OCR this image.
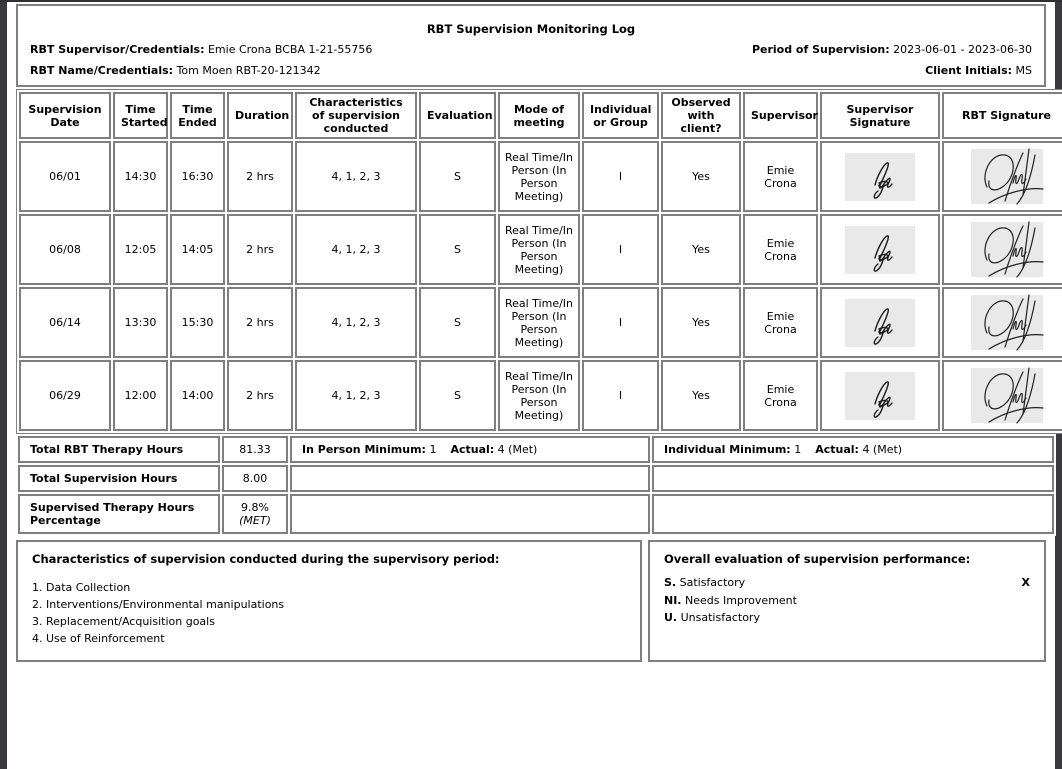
RBT Supervision Monitoring Log
RBT Supervisor/Credentials: Emie Crona BCBA 1-21-55756	Period of Supervision: 2023-06-01 - 2023-06-30
RBT Name/Credentials: Tom Moen RBT-20-121342	Client Initials: MS
Supervision Date	Time Started	Time Ended	Duration	Characteristics of supervision conducted	Evaluation	Mode of meeting	Individual or Group	Observed with client?	Supervisor	Supervisor Signature	RBT Signature
06/01	14:30	16:30	2 hrs	4, 1, 2, 3	S	Real Time/In Person (In Person Meeting)	I	Yes	Emie Crona	

06/08	12:05	14:05	2 hrs	4, 1, 2, 3	S	Real Time/In Person (In Person Meeting)	I	Yes	Emie Crona	

06/14	13:30	15:30	2 hrs	4, 1, 2, 3	S	Real Time/In Person (In Person Meeting)	I	Yes	Emie Crona	

06/29	12:00	14:00	2 hrs	4, 1, 2, 3	S	Real Time/In Person (In Person Meeting)	I	Yes	Emie Crona	

Total RBT Therapy Hours	81.33	In Person Minimum: 1 Actual: 4 (Met)	Individual Minimum: 1 Actual: 4 (Met)
Total Supervision Hours	8.00		
Supervised Therapy Hours Percentage	9.8%
(MET)		

Characteristics of supervision conducted during the supervisory period:
1. Data Collection
2. Interventions/Environmental manipulations
3. Replacement/Acquisition goals
4. Use of Reinforcement
Overall evaluation of supervision performance:
S. Satisfactory	X
NI. Needs Improvement
U. Unsatisfactory
